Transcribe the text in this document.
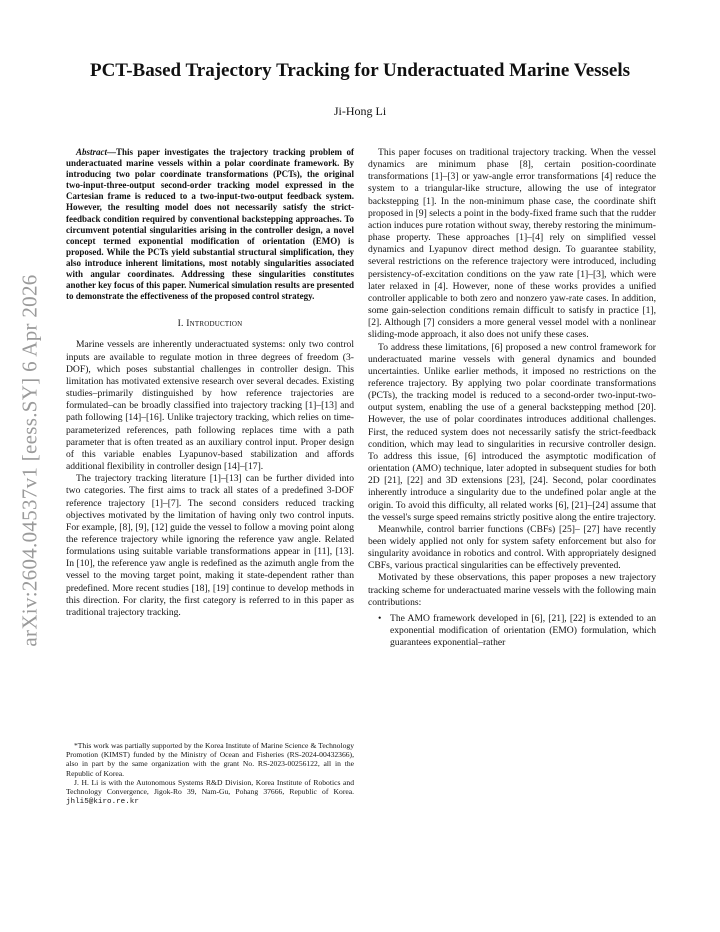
arXiv:2604.04537v1 [eess.SY] 6 Apr 2026
PCT-Based Trajectory Tracking for Underactuated Marine Vessels
Ji-Hong Li

Abstract—This paper investigates the trajectory tracking problem of underactuated marine vessels within a polar coordinate framework. By introducing two polar coordinate transformations (PCTs), the original two-input-three-output second-order tracking model expressed in the Cartesian frame is reduced to a two-input-two-output feedback system. However, the resulting model does not necessarily satisfy the strict-feedback condition required by conventional backstepping approaches. To circumvent potential singularities arising in the controller design, a novel concept termed exponential modification of orientation (EMO) is proposed. While the PCTs yield substantial structural simplification, they also introduce inherent limitations, most notably singularities associated with angular coordinates. Addressing these singularities constitutes another key focus of this paper. Numerical simulation results are presented to demonstrate the effectiveness of the proposed control strategy.

I. Introduction

Marine vessels are inherently underactuated systems: only two control inputs are available to regulate motion in three degrees of freedom (3-DOF), which poses substantial challenges in controller design. This limitation has motivated extensive research over several decades. Existing studies–primarily distinguished by how reference trajectories are formulated–can be broadly classified into trajectory tracking [1]–[13] and path following [14]–[16]. Unlike trajectory tracking, which relies on time-parameterized references, path following replaces time with a path parameter that is often treated as an auxiliary control input. Proper design of this variable enables Lyapunov-based stabilization and affords additional flexibility in controller design [14]–[17].

The trajectory tracking literature [1]–[13] can be further divided into two categories. The first aims to track all states of a predefined 3-DOF reference trajectory [1]–[7]. The second considers reduced tracking objectives motivated by the limitation of having only two control inputs. For example, [8], [9], [12] guide the vessel to follow a moving point along the reference trajectory while ignoring the reference yaw angle. Related formulations using suitable variable transformations appear in [11], [13]. In [10], the reference yaw angle is redefined as the azimuth angle from the vessel to the moving target point, making it state-dependent rather than predefined. More recent studies [18], [19] continue to develop methods in this direction. For clarity, the first category is referred to in this paper as traditional trajectory tracking.

*This work was partially supported by the Korea Institute of Marine Science & Technology Promotion (KIMST) funded by the Ministry of Ocean and Fisheries (RS-2024-00432366), also in part by the same organization with the grant No. RS-2023-00256122, all in the Republic of Korea.

J. H. Li is with the Autonomous Systems R&D Division, Korea Institute of Robotics and Technology Convergence, Jigok-Ro 39, Nam-Gu, Pohang 37666, Republic of Korea. jhli5@kiro.re.kr

This paper focuses on traditional trajectory tracking. When the vessel dynamics are minimum phase [8], certain position-coordinate transformations [1]–[3] or yaw-angle error transformations [4] reduce the system to a triangular-like structure, allowing the use of integrator backstepping [1]. In the non-minimum phase case, the coordinate shift proposed in [9] selects a point in the body-fixed frame such that the rudder action induces pure rotation without sway, thereby restoring the minimum-phase property. These approaches [1]–[4] rely on simplified vessel dynamics and Lyapunov direct method design. To guarantee stability, several restrictions on the reference trajectory were introduced, including persistency-of-excitation conditions on the yaw rate [1]–[3], which were later relaxed in [4]. However, none of these works provides a unified controller applicable to both zero and nonzero yaw-rate cases. In addition, some gain-selection conditions remain difficult to satisfy in practice [1], [2]. Although [7] considers a more general vessel model with a nonlinear sliding-mode approach, it also does not unify these cases.

To address these limitations, [6] proposed a new control framework for underactuated marine vessels with general dynamics and bounded uncertainties. Unlike earlier methods, it imposed no restrictions on the reference trajectory. By applying two polar coordinate transformations (PCTs), the tracking model is reduced to a second-order two-input-two-output system, enabling the use of a general backstepping method [20]. However, the use of polar coordinates introduces additional challenges. First, the reduced system does not necessarily satisfy the strict-feedback condition, which may lead to singularities in recursive controller design. To address this issue, [6] introduced the asymptotic modification of orientation (AMO) technique, later adopted in subsequent studies for both 2D [21], [22] and 3D extensions [23], [24]. Second, polar coordinates inherently introduce a singularity due to the undefined polar angle at the origin. To avoid this difficulty, all related works [6], [21]–[24] assume that the vessel's surge speed remains strictly positive along the entire trajectory.

Meanwhile, control barrier functions (CBFs) [25]– [27] have recently been widely applied not only for system safety enforcement but also for singularity avoidance in robotics and control. With appropriately designed CBFs, various practical singularities can be effectively prevented.

Motivated by these observations, this paper proposes a new trajectory tracking scheme for underactuated marine vessels with the following main contributions:

• The AMO framework developed in [6], [21], [22] is extended to an exponential modification of orientation (EMO) formulation, which guarantees exponential–rather
